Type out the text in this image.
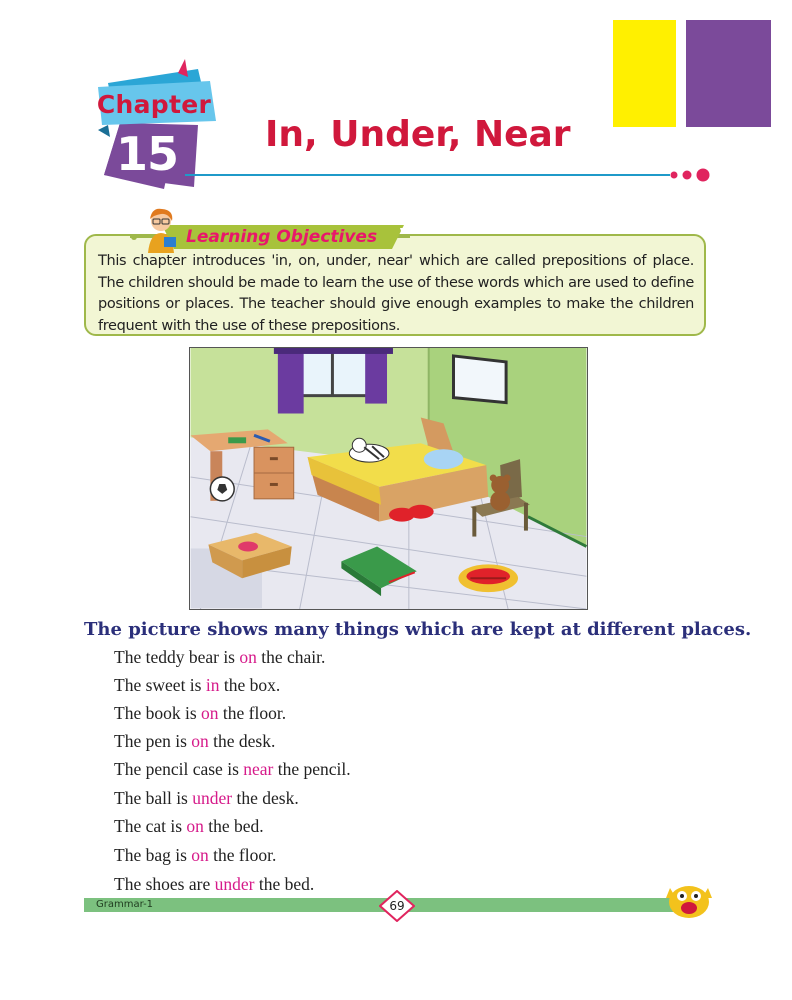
Chapter
15 In, Under, Near
Learning Objectives
This chapter introduces 'in, on, under, near' which are called prepositions of place. The children should be made to learn the use of these words which are used to define positions or places. The teacher should give enough examples to make the children frequent with the use of these prepositions.
The picture shows many things which are kept at different places.
The teddy bear is on the chair.
The sweet is in the box.
The book is on the floor.
The pen is on the desk.
The pencil case is near the pencil.
The ball is under the desk.
The cat is on the bed.
The bag is on the floor.
The shoes are under the bed.
Grammar-1	69
